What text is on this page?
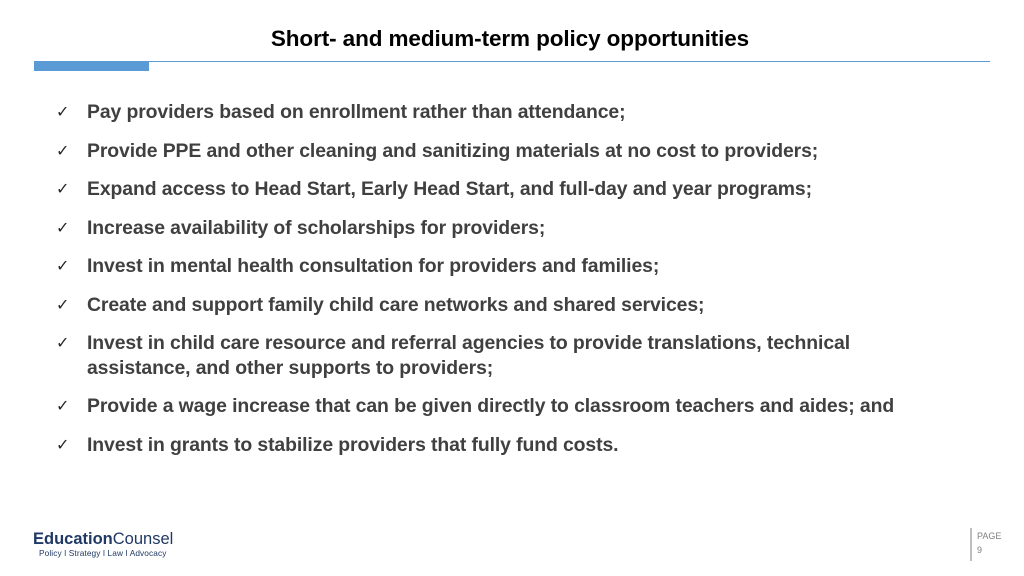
Short- and medium-term policy opportunities
✓ Pay providers based on enrollment rather than attendance;
✓ Provide PPE and other cleaning and sanitizing materials at no cost to providers;
✓ Expand access to Head Start, Early Head Start, and full-day and year programs;
✓ Increase availability of scholarships for providers;
✓ Invest in mental health consultation for providers and families;
✓ Create and support family child care networks and shared services;
✓ Invest in child care resource and referral agencies to provide translations, technical assistance, and other supports to providers;
✓ Provide a wage increase that can be given directly to classroom teachers and aides; and
✓ Invest in grants to stabilize providers that fully fund costs.
EducationCounsel
Policy ǀ Strategy ǀ Law ǀ Advocacy
PAGE
9
